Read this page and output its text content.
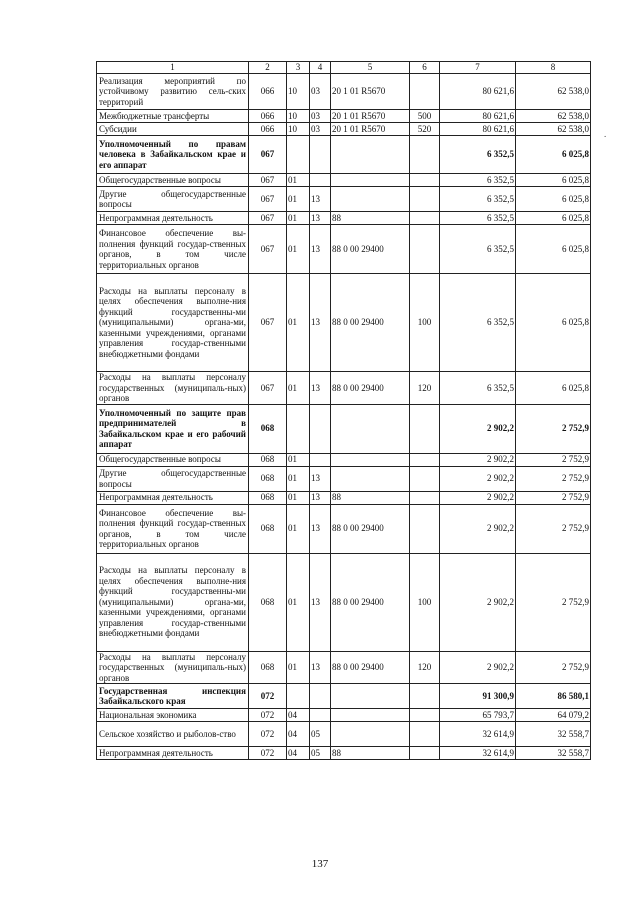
1	2	3	4	5	6	7	8
Реализация мероприятий по устойчивому развитию сель-ских территорий	066	10	03	20 1 01 R5670		80 621,6	62 538,0
Межбюджетные трансферты	066	10	03	20 1 01 R5670	500	80 621,6	62 538,0
Субсидии	066	10	03	20 1 01 R5670	520	80 621,6	62 538,0
Уполномоченный по правам человека в Забайкальском крае и его аппарат	067					6 352,5	6 025,8
Общегосударственные вопросы	067	01				6 352,5	6 025,8
Другие общегосударственные вопросы	067	01	13			6 352,5	6 025,8
Непрограммная деятельность	067	01	13	88		6 352,5	6 025,8
Финансовое обеспечение вы-полнения функций государ-ственных органов, в том числе территориальных органов	067	01	13	88 0 00 29400		6 352,5	6 025,8
Расходы на выплаты персоналу в целях обеспечения выполне-ния функций государственны-ми (муниципальными) органа-ми, казенными учреждениями, органами управления государ-ственными внебюджетными фондами	067	01	13	88 0 00 29400	100	6 352,5	6 025,8
Расходы на выплаты персоналу государственных (муниципаль-ных) органов	067	01	13	88 0 00 29400	120	6 352,5	6 025,8
Уполномоченный по защите прав предпринимателей в Забайкальском крае и его рабочий аппарат	068					2 902,2	2 752,9
Общегосударственные вопросы	068	01				2 902,2	2 752,9
Другие общегосударственные вопросы	068	01	13			2 902,2	2 752,9
Непрограммная деятельность	068	01	13	88		2 902,2	2 752,9
Финансовое обеспечение вы-полнения функций государ-ственных органов, в том числе территориальных органов	068	01	13	88 0 00 29400		2 902,2	2 752,9
Расходы на выплаты персоналу в целях обеспечения выполне-ния функций государственны-ми (муниципальными) органа-ми, казенными учреждениями, органами управления государ-ственными внебюджетными фондами	068	01	13	88 0 00 29400	100	2 902,2	2 752,9
Расходы на выплаты персоналу государственных (муниципаль-ных) органов	068	01	13	88 0 00 29400	120	2 902,2	2 752,9
Государственная инспекция Забайкальского края	072					91 300,9	86 580,1
Национальная экономика	072	04				65 793,7	64 079,2
Сельское хозяйство и рыболов-ство	072	04	05			32 614,9	32 558,7
Непрограммная деятельность	072	04	05	88		32 614,9	32 558,7
.
137
